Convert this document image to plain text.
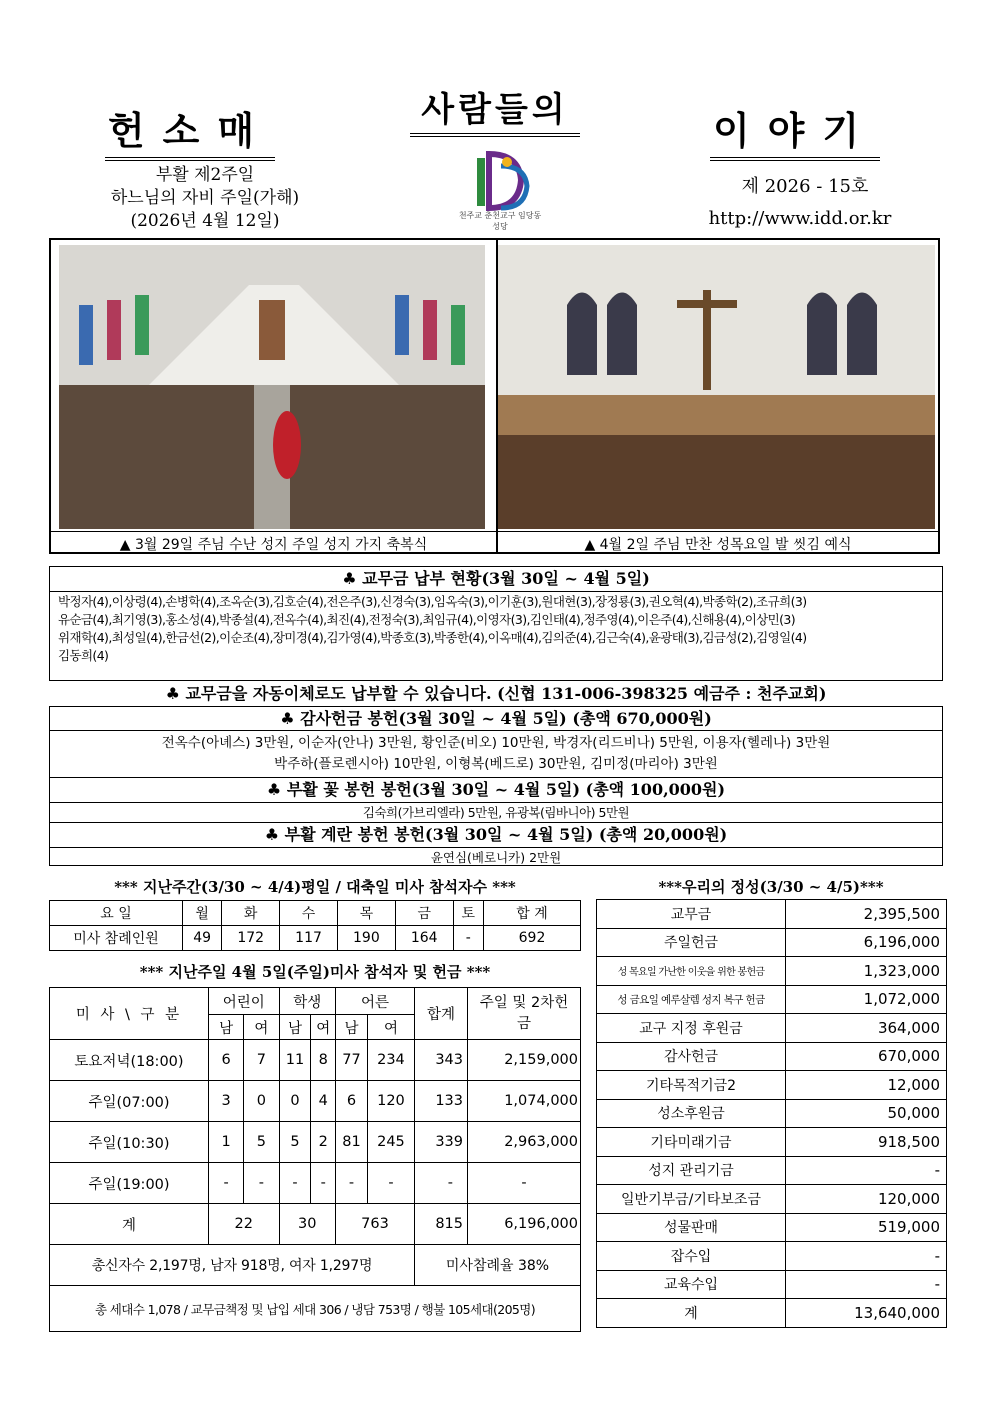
헌소매	사람들의	이야기
부활 제2주일
하느님의 자비 주일(가해)
(2026년 4월 12일)	천주교 춘천교구 임당동성당
제 2026 - 15호
http://www.idd.or.kr
▲ 3월 29일 주님 수난 성지 주일 성지 가지 축복식	▲ 4월 2일 주님 만찬 성목요일 발 씻김 예식
♣ 교무금 납부 현황(3월 30일 ~ 4월 5일)
박정자(4),이상령(4),손병학(4),조옥순(3),김호순(4),전은주(3),신경숙(3),임옥숙(3),이기훈(3),원대현(3),장정룡(3),권오혁(4),박종학(2),조규희(3)
유순금(4),최기영(3),홍소성(4),박종설(4),전옥수(4),최진(4),전정숙(3),최임규(4),이영자(3),김인태(4),정주영(4),이은주(4),신해용(4),이상민(3)
위재학(4),최성일(4),한금선(2),이순조(4),장미경(4),김가영(4),박종호(3),박종한(4),이옥매(4),김의준(4),김근숙(4),윤광태(3),김금성(2),김영일(4)
김동희(4)
♣ 교무금을 자동이체로도 납부할 수 있습니다. (신협 131-006-398325 예금주 : 천주교회)
♣ 감사헌금 봉헌(3월 30일 ~ 4월 5일) (총액 670,000원)
전옥수(아녜스) 3만원, 이순자(안나) 3만원, 황인준(비오) 10만원, 박경자(리드비나) 5만원, 이용자(헬레나) 3만원
박주하(플로렌시아) 10만원, 이형복(베드로) 30만원, 김미정(마리아) 3만원
♣ 부활 꽃 봉헌 봉헌(3월 30일 ~ 4월 5일) (총액 100,000원)
김숙희(가브리엘라) 5만원, 유광복(림바니아) 5만원
♣ 부활 계란 봉헌 봉헌(3월 30일 ~ 4월 5일) (총액 20,000원)
윤연심(베로니카) 2만원
*** 지난주간(3/30 ~ 4/4)평일 / 대축일 미사 참석자수 ***
요 일	월	화	수	목	금	토	합 계
미사 참례인원	49	172	117	190	164	-	692
*** 지난주일 4월 5일(주일)미사 참석자 및 헌금 ***
미 사 \ 구 분	어린이		학생		어른		합계	주일 및 2차헌금
	남	여	남	여	남	여		
토요저녁(18:00)	6	7	11	8	77	234	343	2,159,000
주일(07:00)	3	0	0	4	6	120	133	1,074,000
주일(10:30)	1	5	5	2	81	245	339	2,963,000
주일(19:00)	-	-	-	-	-	-	-	-
계	22		30		763		815	6,196,000
총신자수 2,197명, 남자 918명, 여자 1,297명							미사참례율 38%	
총 세대수 1,078 / 교무금책정 및 납입 세대 306 / 냉담 753명 / 행불 105세대(205명)								
***우리의 정성(3/30 ~ 4/5)***
교무금	2,395,500
주일헌금	6,196,000
성 목요일 가난한 이웃을 위한 봉헌금	1,323,000
성 금요일 예루살렘 성지 복구 헌금	1,072,000
교구 지정 후원금	364,000
감사헌금	670,000
기타목적기금2	12,000
성소후원금	50,000
기타미래기금	918,500
성지 관리기금	-
일반기부금/기타보조금	120,000
성물판매	519,000
잡수입	-
교육수입	-
계	13,640,000
